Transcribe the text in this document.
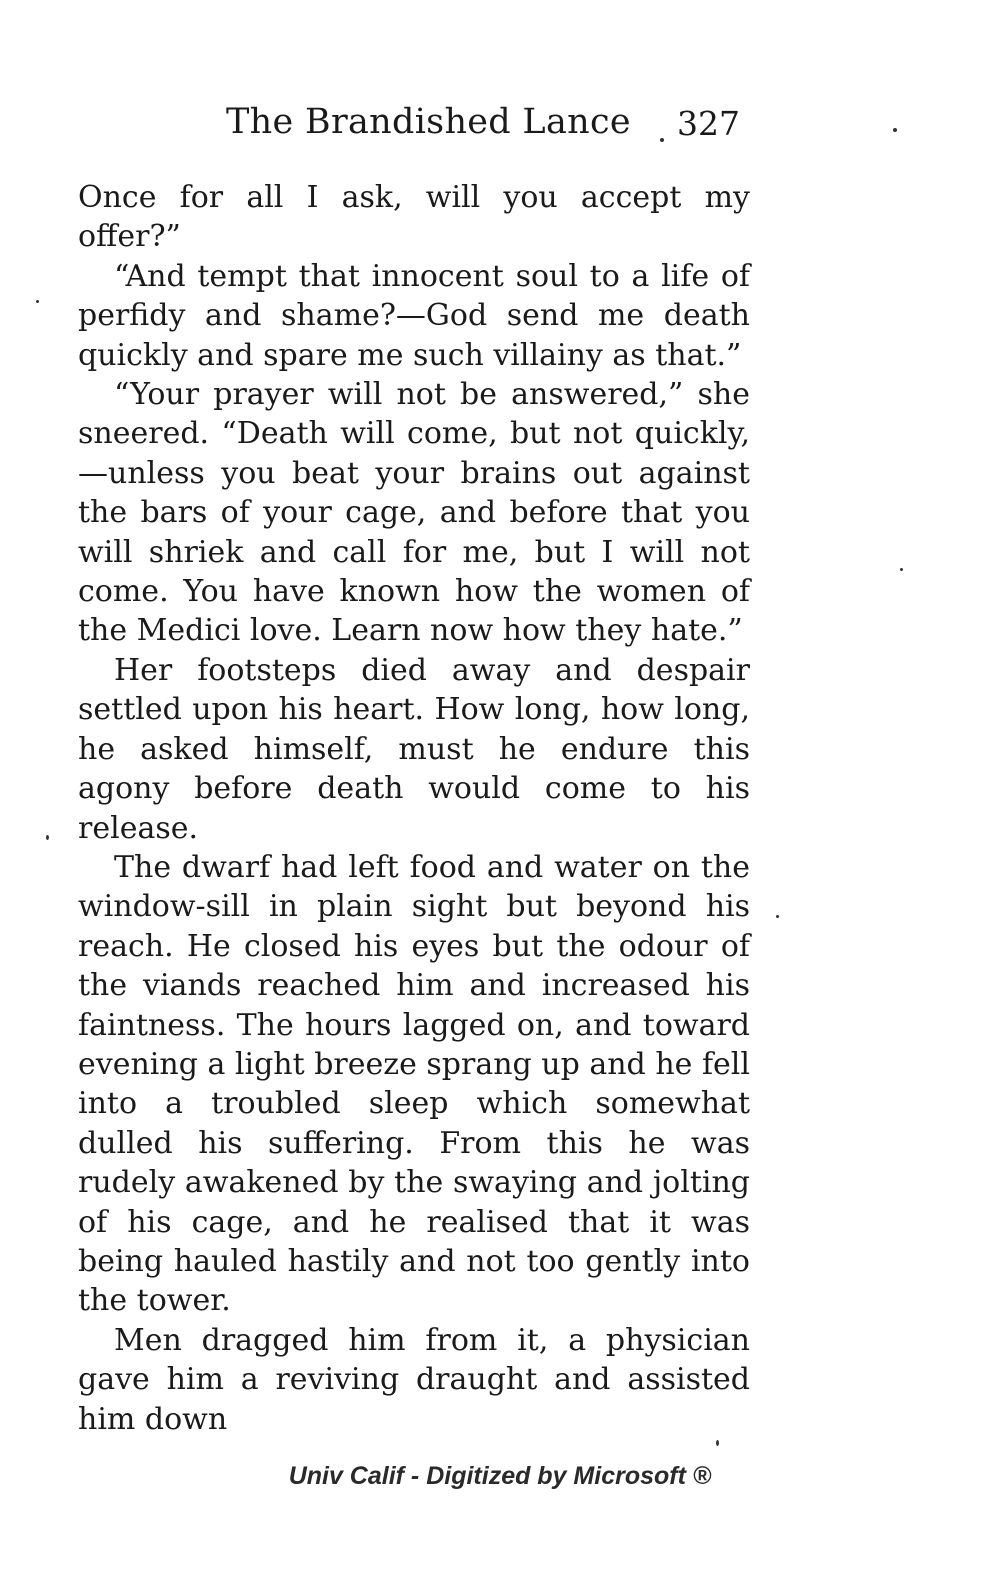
The Brandished Lance 327

Once for all I ask, will you accept my offer?”

“And tempt that innocent soul to a life of perfidy and shame?—God send me death quickly and spare me such villainy as that.”

“Your prayer will not be answered,” she sneered. “Death will come, but not quickly, —unless you beat your brains out against the bars of your cage, and before that you will shriek and call for me, but I will not come. You have known how the women of the Medici love. Learn now how they hate.”

Her footsteps died away and despair settled upon his heart. How long, how long, he asked himself, must he endure this agony before death would come to his release.

The dwarf had left food and water on the window-sill in plain sight but beyond his reach. He closed his eyes but the odour of the viands reached him and increased his faintness. The hours lagged on, and toward evening a light breeze sprang up and he fell into a troubled sleep which somewhat dulled his suffering. From this he was rudely awakened by the swaying and jolting of his cage, and he realised that it was being hauled hastily and not too gently into the tower.

Men dragged him from it, a physician gave him a reviving draught and assisted him down

Univ Calif - Digitized by Microsoft ®
